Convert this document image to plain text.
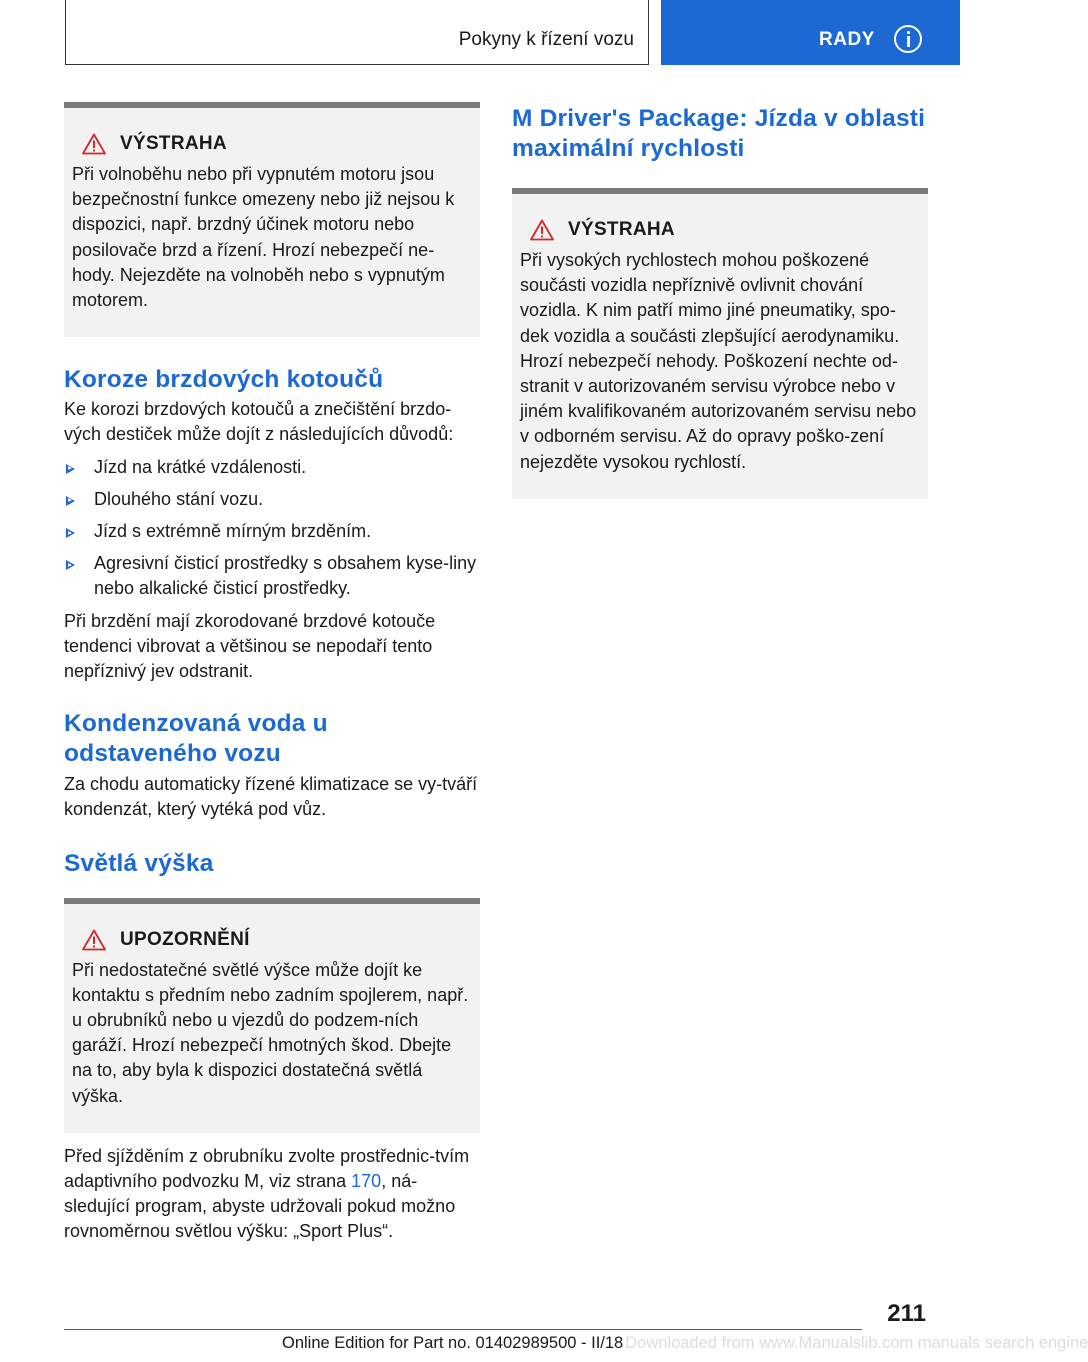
Pokyny k řízení vozu	RADY
VÝSTRAHA

Při volnoběhu nebo při vypnutém motoru jsou bezpečnostní funkce omezeny nebo již nejsou k dispozici, např. brzdný účinek motoru nebo posilovače brzd a řízení. Hrozí nebezpečí ne‐hody. Nejezděte na volnoběh nebo s vypnutým motorem.

Koroze brzdových kotoučů

Ke korozi brzdových kotoučů a znečištění brzdo‐vých destiček může dojít z následujících důvodů:

Jízd na krátké vzdálenosti.
Dlouhého stání vozu.
Jízd s extrémně mírným brzděním.
Agresivní čisticí prostředky s obsahem kyse‐liny nebo alkalické čisticí prostředky.

Při brzdění mají zkorodované brzdové kotouče tendenci vibrovat a většinou se nepodaří tento nepříznivý jev odstranit.

Kondenzovaná voda u odstaveného vozu

Za chodu automaticky řízené klimatizace se vy‐tváří kondenzát, který vytéká pod vůz.

Světlá výška
UPOZORNĚNÍ

Při nedostatečné světlé výšce může dojít ke kontaktu s předním nebo zadním spojlerem, např. u obrubníků nebo u vjezdů do podzem‐ních garáží. Hrozí nebezpečí hmotných škod. Dbejte na to, aby byla k dispozici dostatečná světlá výška.

Před sjížděním z obrubníku zvolte prostřednic‐tvím adaptivního podvozku M, viz strana 170, ná‐sledující program, abyste udržovali pokud možno rovnoměrnou světlou výšku: „Sport Plus“.

M Driver's Package: Jízda v oblasti maximální rychlosti
VÝSTRAHA

Při vysokých rychlostech mohou poškozené součásti vozidla nepříznivě ovlivnit chování vozidla. K nim patří mimo jiné pneumatiky, spo‐dek vozidla a součásti zlepšující aerodynamiku. Hrozí nebezpečí nehody. Poškození nechte od‐stranit v autorizovaném servisu výrobce nebo v jiném kvalifikovaném autorizovaném servisu nebo v odborném servisu. Až do opravy poško‐zení nejezděte vysokou rychlostí.

211
Online Edition for Part no. 01402989500 - II/18 Downloaded from www.Manualslib.com manuals search engine
